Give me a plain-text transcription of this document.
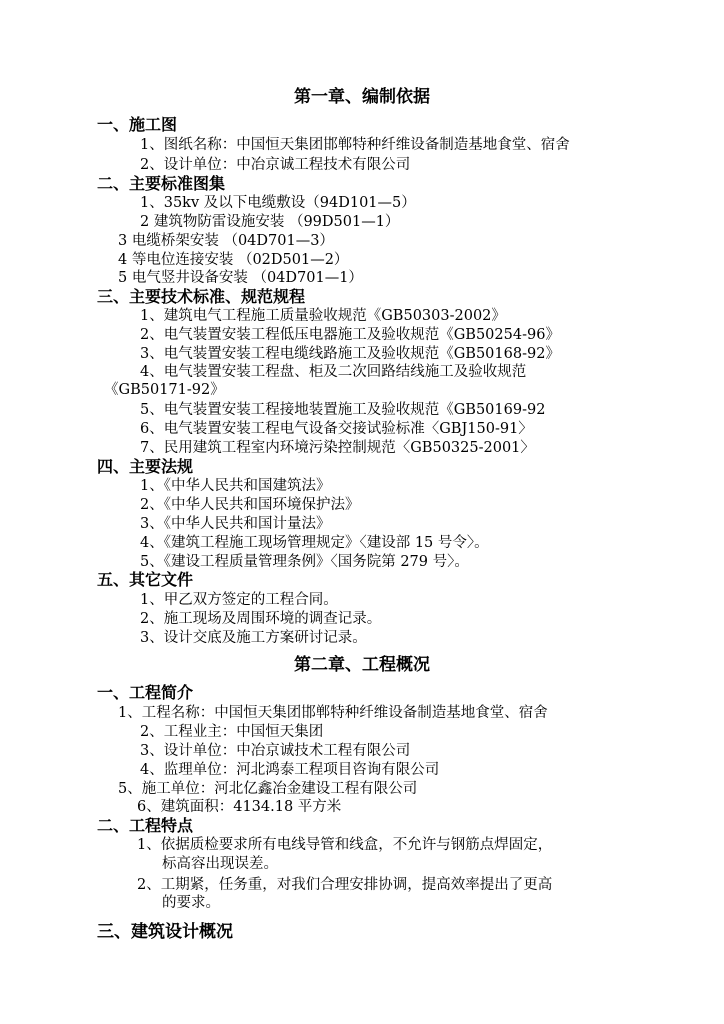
第一章、编制依据
一、施工图
1、图纸名称：中国恒天集团邯郸特种纤维设备制造基地食堂、宿舍
2、设计单位：中冶京诚工程技术有限公司
二、主要标准图集
1、35kv 及以下电缆敷设（94D101—5）
2 建筑物防雷设施安装 （99D501—1）
3 电缆桥架安装 （04D701—3）
4 等电位连接安装 （02D501—2）
5 电气竖井设备安装 （04D701—1）
三、主要技术标准、规范规程
1、建筑电气工程施工质量验收规范《GB50303-2002》
2、电气装置安装工程低压电器施工及验收规范《GB50254-96》
3、电气装置安装工程电缆线路施工及验收规范《GB50168-92》
4、电气装置安装工程盘、柜及二次回路结线施工及验收规范
《GB50171-92》
5、电气装置安装工程接地装置施工及验收规范《GB50169-92
6、电气装置安装工程电气设备交接试验标准〈GBJ150-91〉
7、民用建筑工程室内环境污染控制规范〈GB50325-2001〉
四、主要法规
1、《中华人民共和国建筑法》
2、《中华人民共和国环境保护法》
3、《中华人民共和国计量法》
4、《建筑工程施工现场管理规定》〈建设部 15 号令〉。
5、《建设工程质量管理条例》〈国务院第 279 号〉。
五、其它文件
1、甲乙双方签定的工程合同。
2、施工现场及周围环境的调查记录。
3、设计交底及施工方案研讨记录。
第二章、工程概况
一、工程简介
1、工程名称：中国恒天集团邯郸特种纤维设备制造基地食堂、宿舍
2、工程业主：中国恒天集团
3、设计单位：中冶京诚技术工程有限公司
4、监理单位：河北鸿泰工程项目咨询有限公司
5、施工单位：河北亿鑫冶金建设工程有限公司
6、建筑面积：4134.18 平方米
二、工程特点
1、依据质检要求所有电线导管和线盒，不允许与钢筋点焊固定，
标高容出现误差。
2、工期紧，任务重，对我们合理安排协调，提高效率提出了更高
的要求。
三、建筑设计概况
